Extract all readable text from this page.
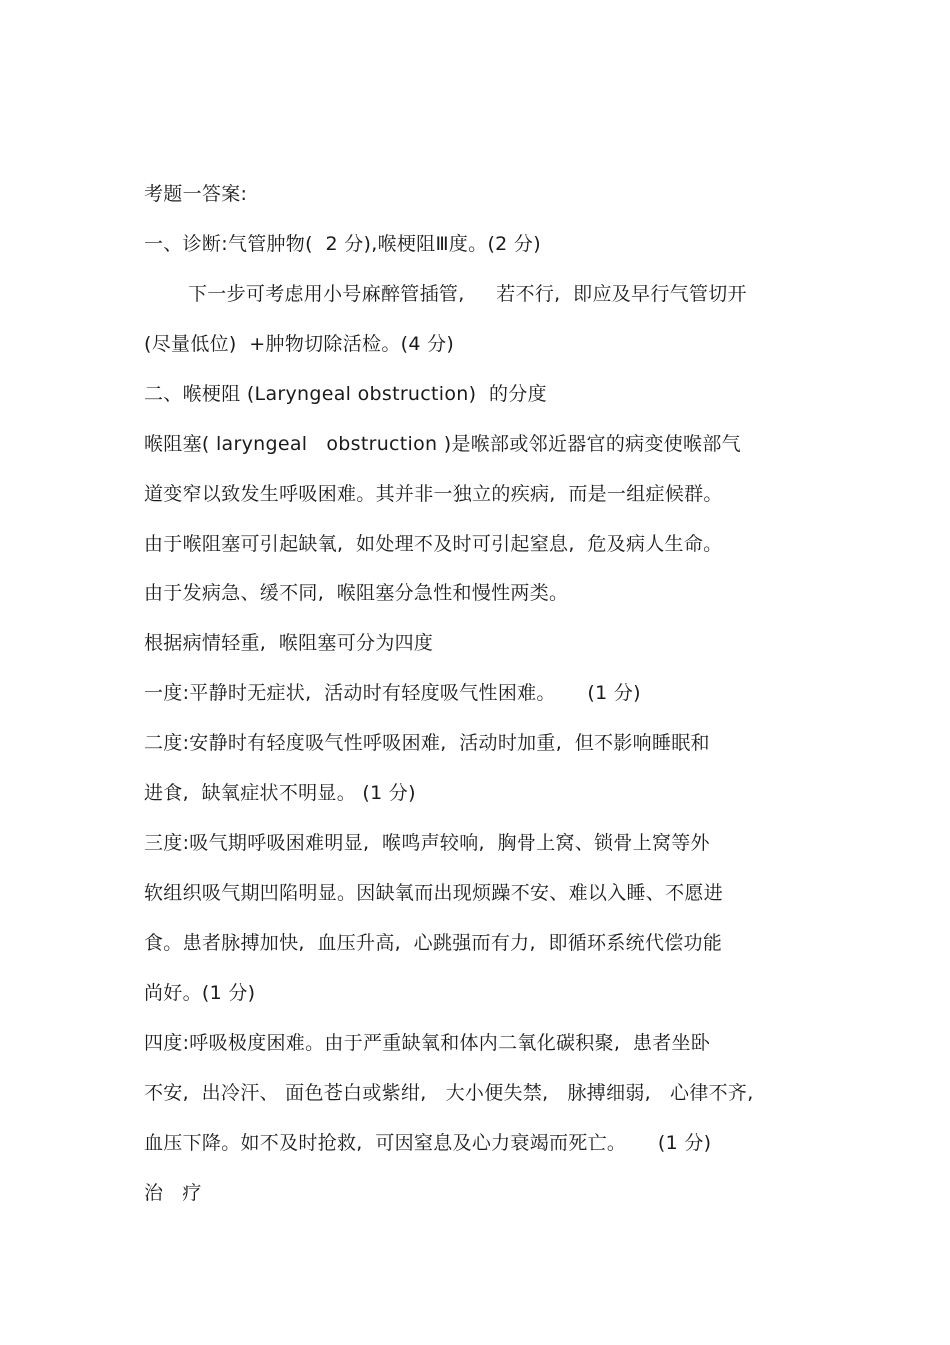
考题一答案:
一、诊断:气管肿物(  2 分),喉梗阻Ⅲ度。(2 分)
下一步可考虑用小号麻醉管插管,     若不行,  即应及早行气管切开
(尽量低位)  +肿物切除活检。(4 分)
二、喉梗阻 (Laryngeal obstruction)  的分度
喉阻塞( laryngeal   obstruction )是喉部或邻近器官的病变使喉部气
道变窄以致发生呼吸困难。其并非一独立的疾病,  而是一组症候群。
由于喉阻塞可引起缺氧,  如处理不及时可引起窒息,  危及病人生命。
由于发病急、缓不同,  喉阻塞分急性和慢性两类。
根据病情轻重,  喉阻塞可分为四度
一度:平静时无症状,  活动时有轻度吸气性困难。     (1 分)
二度:安静时有轻度吸气性呼吸困难,  活动时加重,  但不影响睡眠和
进食,  缺氧症状不明显。 (1 分)
三度:吸气期呼吸困难明显,  喉鸣声较响,  胸骨上窝、锁骨上窝等外
软组织吸气期凹陷明显。因缺氧而出现烦躁不安、难以入睡、不愿进
食。患者脉搏加快,  血压升高,  心跳强而有力,  即循环系统代偿功能
尚好。(1 分)
四度:呼吸极度困难。由于严重缺氧和体内二氧化碳积聚,  患者坐卧
不安,  出冷汗、 面色苍白或紫绀,   大小便失禁,   脉搏细弱,   心律不齐,
血压下降。如不及时抢救,  可因窒息及心力衰竭而死亡。     (1 分)
治   疗
